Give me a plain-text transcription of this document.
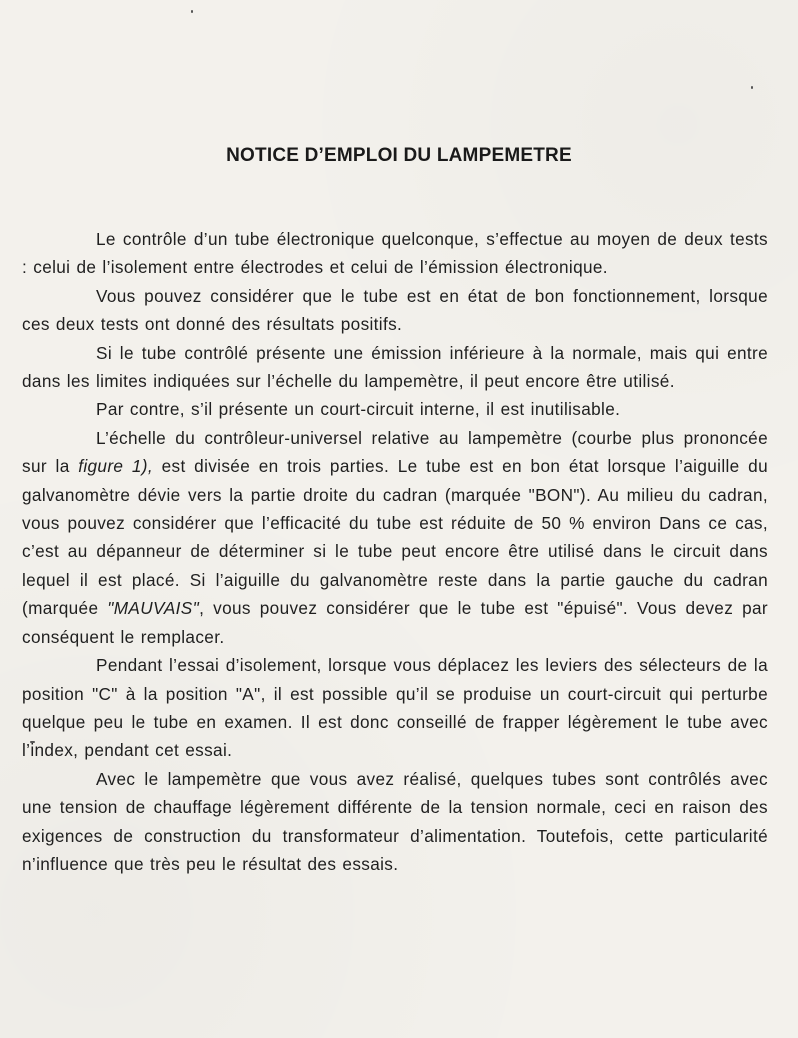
NOTICE D’EMPLOI DU LAMPEMETRE

Le contrôle d’un tube électronique quelconque, s’effectue au moyen de deux tests : celui de l’isolement entre électrodes et celui de l’émission électronique.

Vous pouvez considérer que le tube est en état de bon fonctionnement, lorsque ces deux tests ont donné des résultats positifs.

Si le tube contrôlé présente une émission inférieure à la normale, mais qui entre dans les limites indiquées sur l’échelle du lampemètre, il peut encore être utilisé.

Par contre, s’il présente un court-circuit interne, il est inutilisable.

L’échelle du contrôleur-universel relative au lampemètre (courbe plus prononcée sur la figure 1), est divisée en trois parties. Le tube est en bon état lorsque l’aiguille du galvanomètre dévie vers la partie droite du cadran (marquée "BON"). Au milieu du cadran, vous pouvez considérer que l’efficacité du tube est réduite de 50 % environ Dans ce cas, c’est au dépanneur de déterminer si le tube peut encore être utilisé dans le circuit dans lequel il est placé. Si l’aiguille du galvanomètre reste dans la partie gauche du cadran (marquée "MAUVAIS", vous pouvez considérer que le tube est "épuisé". Vous devez par conséquent le remplacer.

Pendant l’essai d’isolement, lorsque vous déplacez les leviers des sélecteurs de la position "C" à la position "A", il est possible qu’il se produise un court-circuit qui perturbe quelque peu le tube en examen. Il est donc conseillé de frapper légèrement le tube avec l’index, pendant cet essai.

Avec le lampemètre que vous avez réalisé, quelques tubes sont contrôlés avec une tension de chauffage légèrement différente de la tension normale, ceci en raison des exigences de construction du transformateur d’alimentation. Toutefois, cette particularité n’influence que très peu le résultat des essais.
